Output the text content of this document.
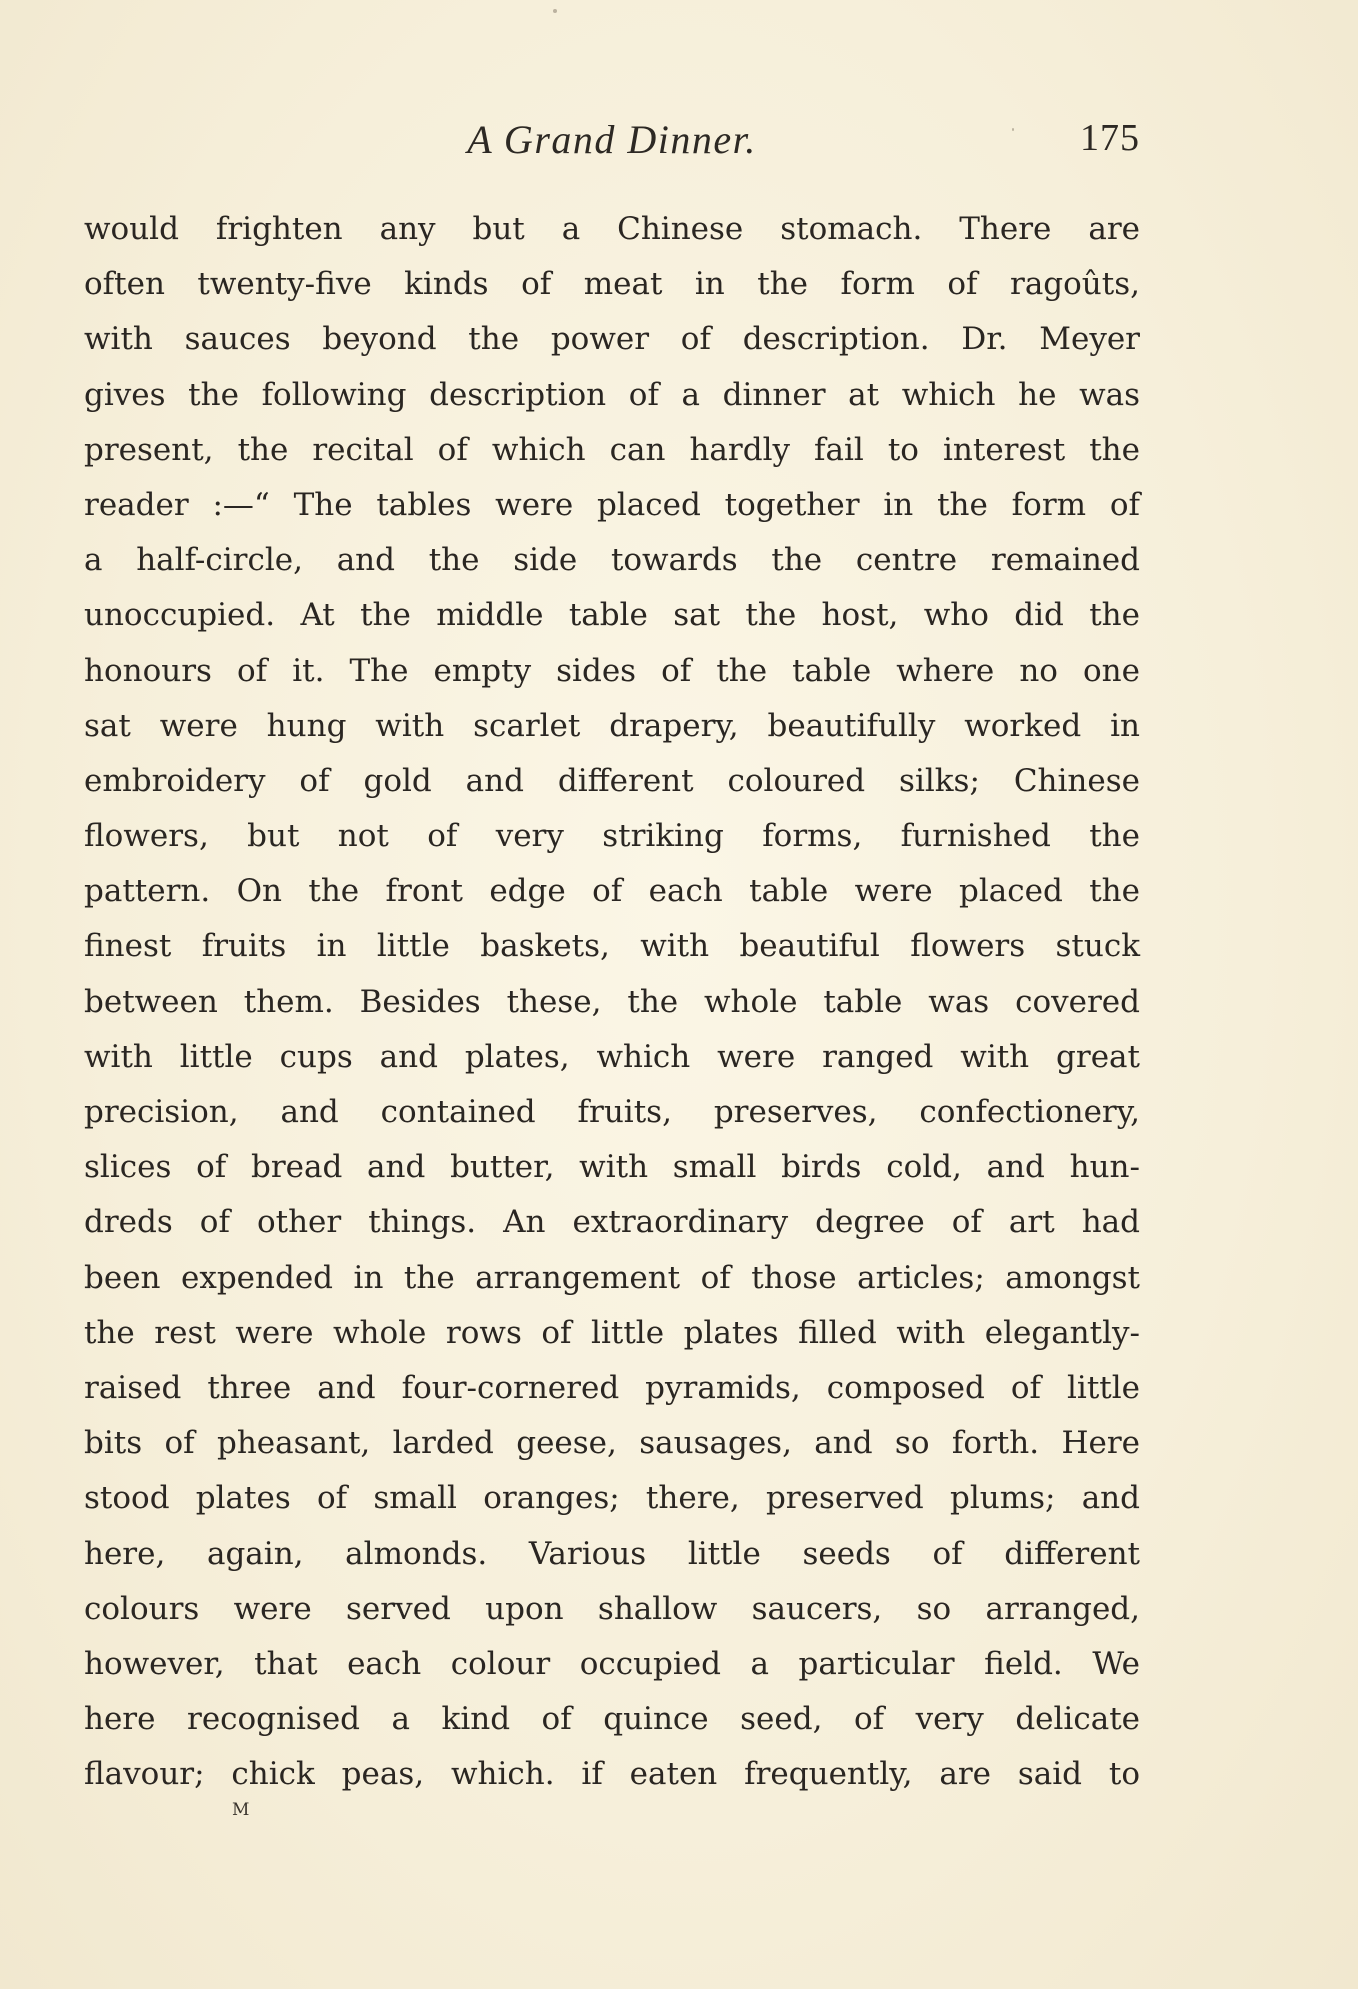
A Grand Dinner.	175
would frighten any but a Chinese stomach. There are
often twenty-five kinds of meat in the form of ragoûts,
with sauces beyond the power of description. Dr. Meyer
gives the following description of a dinner at which he was
present, the recital of which can hardly fail to interest the
reader :—“ The tables were placed together in the form of
a half-circle, and the side towards the centre remained
unoccupied. At the middle table sat the host, who did the
honours of it. The empty sides of the table where no one
sat were hung with scarlet drapery, beautifully worked in
embroidery of gold and different coloured silks; Chinese
flowers, but not of very striking forms, furnished the
pattern. On the front edge of each table were placed the
finest fruits in little baskets, with beautiful flowers stuck
between them. Besides these, the whole table was covered
with little cups and plates, which were ranged with great
precision, and contained fruits, preserves, confectionery,
slices of bread and butter, with small birds cold, and hun-
dreds of other things. An extraordinary degree of art had
been expended in the arrangement of those articles; amongst
the rest were whole rows of little plates filled with elegantly-
raised three and four-cornered pyramids, composed of little
bits of pheasant, larded geese, sausages, and so forth. Here
stood plates of small oranges; there, preserved plums; and
here, again, almonds. Various little seeds of different
colours were served upon shallow saucers, so arranged,
however, that each colour occupied a particular field. We
here recognised a kind of quince seed, of very delicate
flavour; chick peas, which. if eaten frequently, are said to
M
